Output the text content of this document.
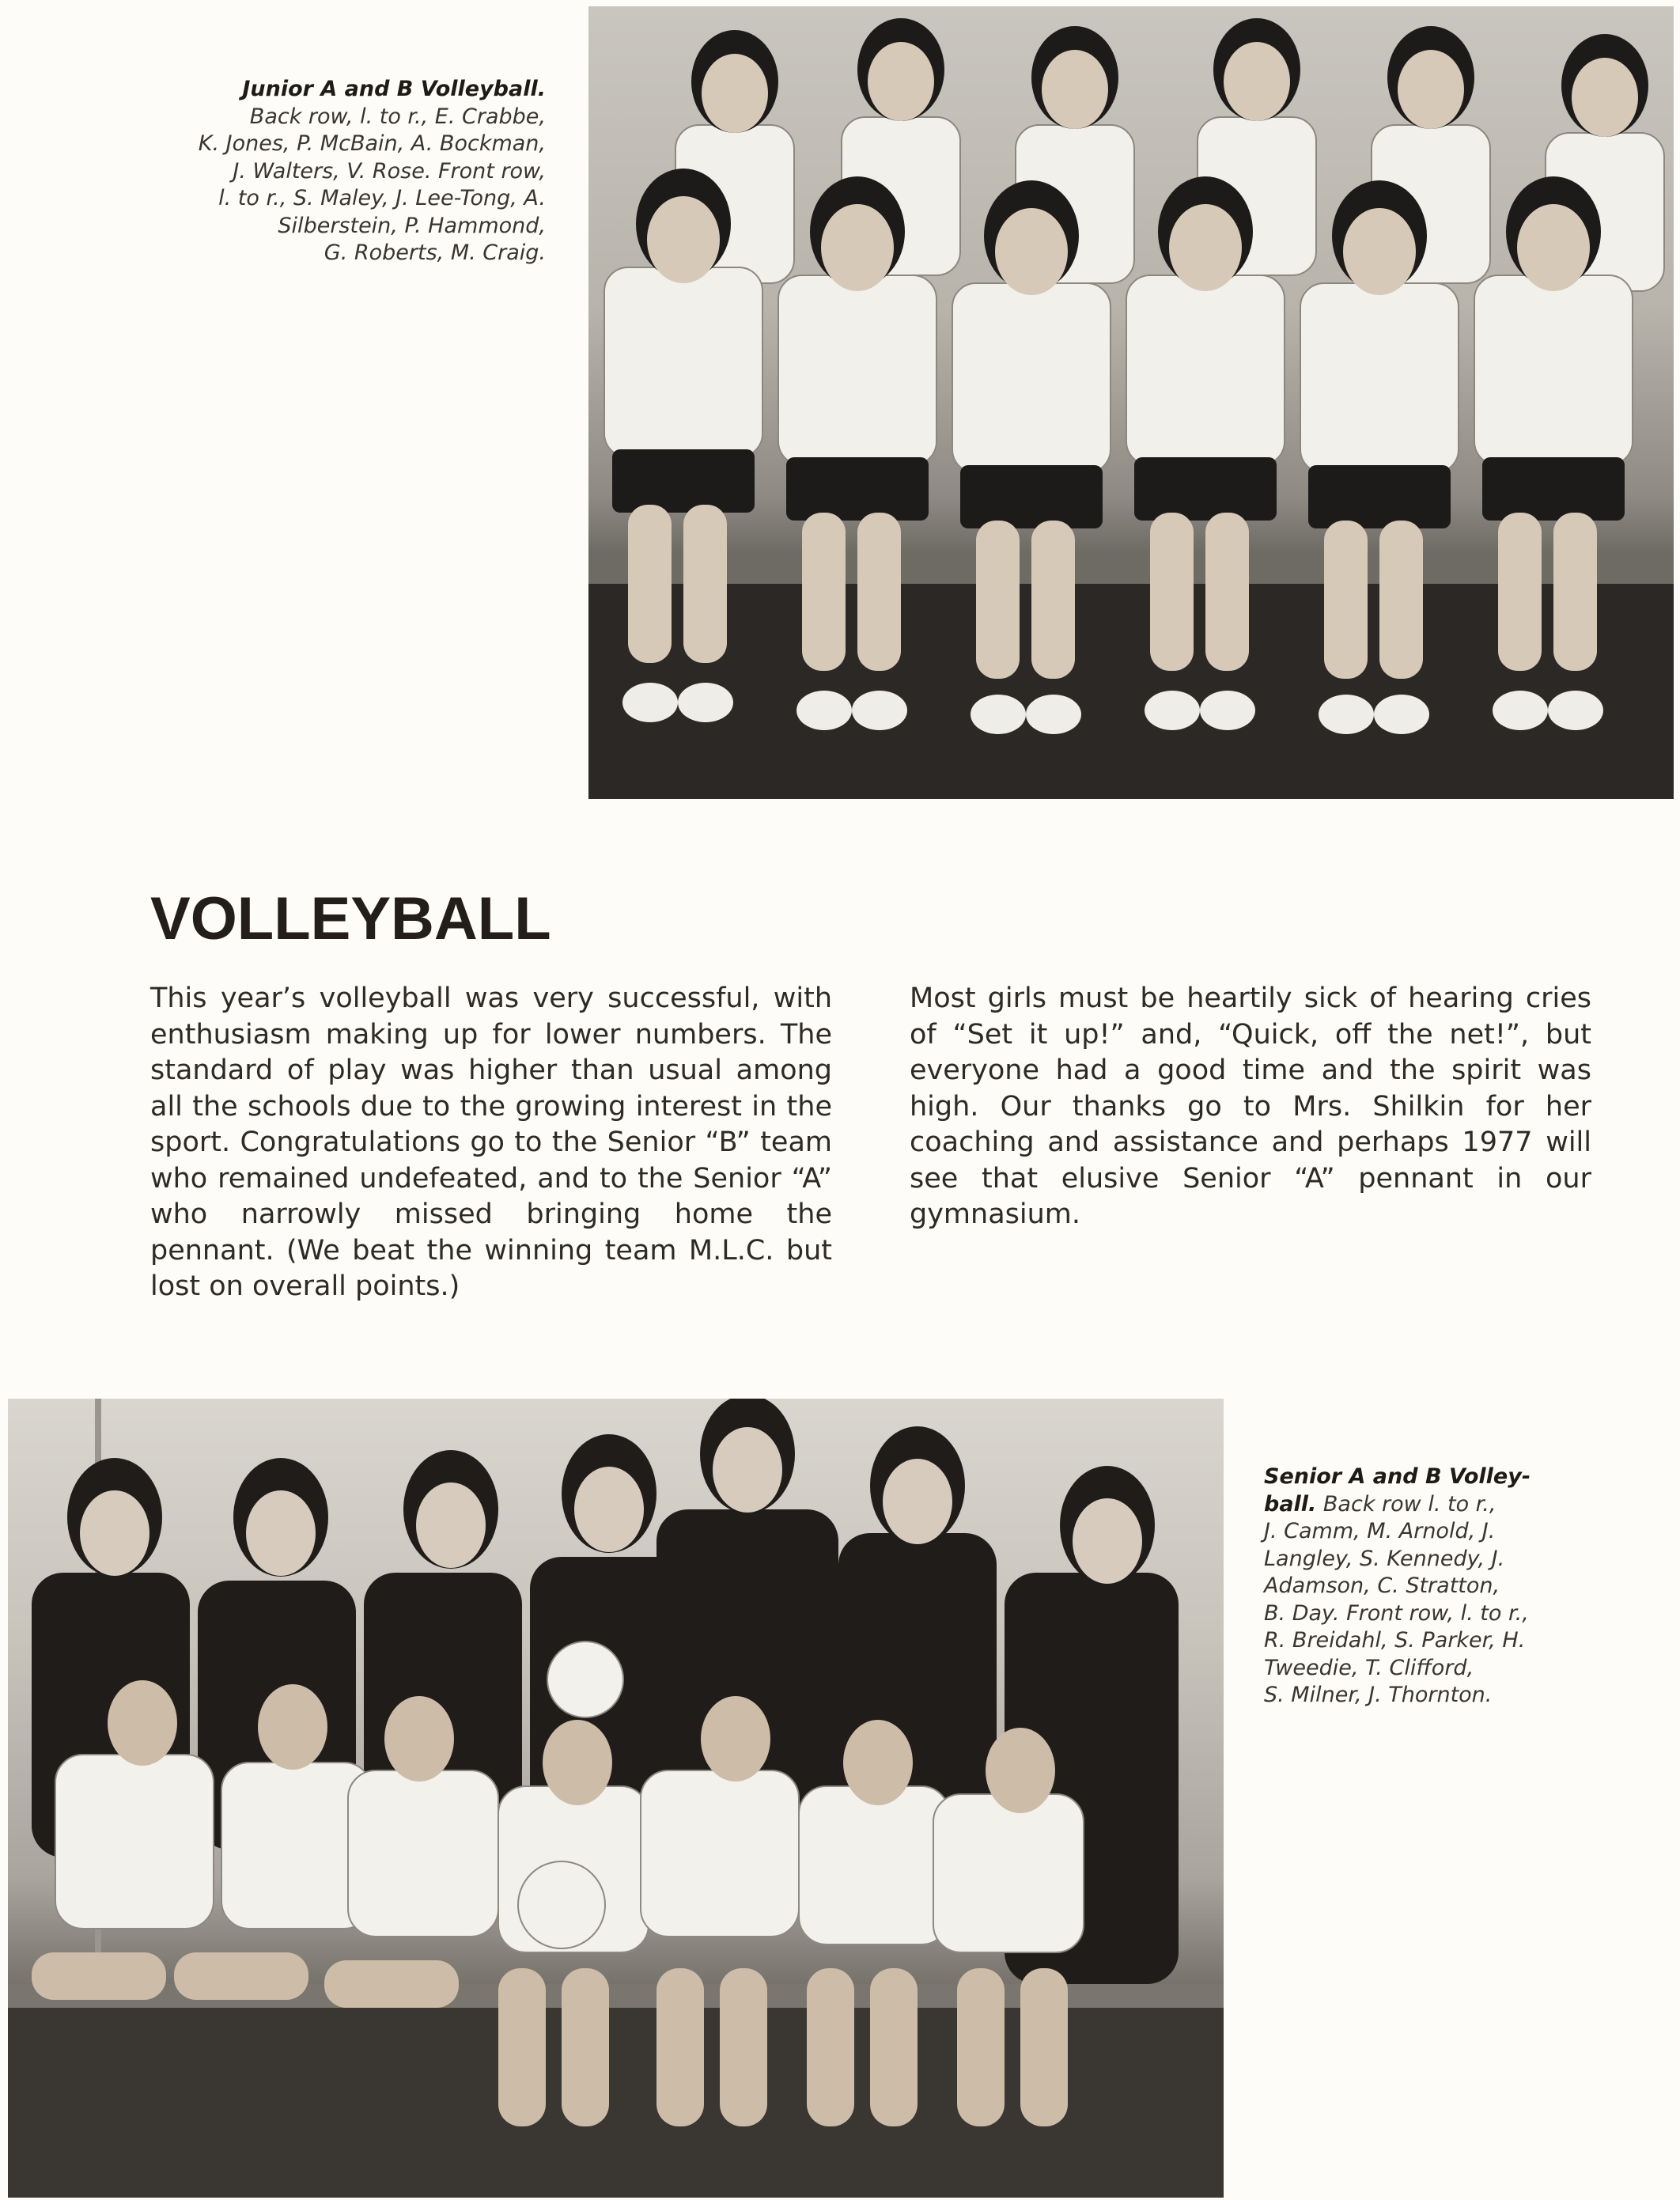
Junior A and B Volleyball.
Back row, l. to r., E. Crabbe,
K. Jones, P. McBain, A. Bockman,
J. Walters, V. Rose. Front row,
l. to r., S. Maley, J. Lee-Tong, A.
Silberstein, P. Hammond,
G. Roberts, M. Craig.
VOLLEYBALL
This year’s volleyball was very successful, with enthusiasm making up for lower numbers. The standard of play was higher than usual among all the schools due to the growing interest in the sport. Congratulations go to the Senior “B” team who remained undefeated, and to the Senior “A” who narrowly missed bringing home the pennant. (We beat the winning team M.L.C. but lost on overall points.)
Most girls must be heartily sick of hearing cries of “Set it up!” and, “Quick, off the net!”, but everyone had a good time and the spirit was high. Our thanks go to Mrs. Shilkin for her coaching and assistance and perhaps 1977 will see that elusive Senior “A” pennant in our gymnasium.
Senior A and B Volley-
ball. Back row l. to r.,
J. Camm, M. Arnold, J.
Langley, S. Kennedy, J.
Adamson, C. Stratton,
B. Day. Front row, l. to r.,
R. Breidahl, S. Parker, H.
Tweedie, T. Clifford,
S. Milner, J. Thornton.
